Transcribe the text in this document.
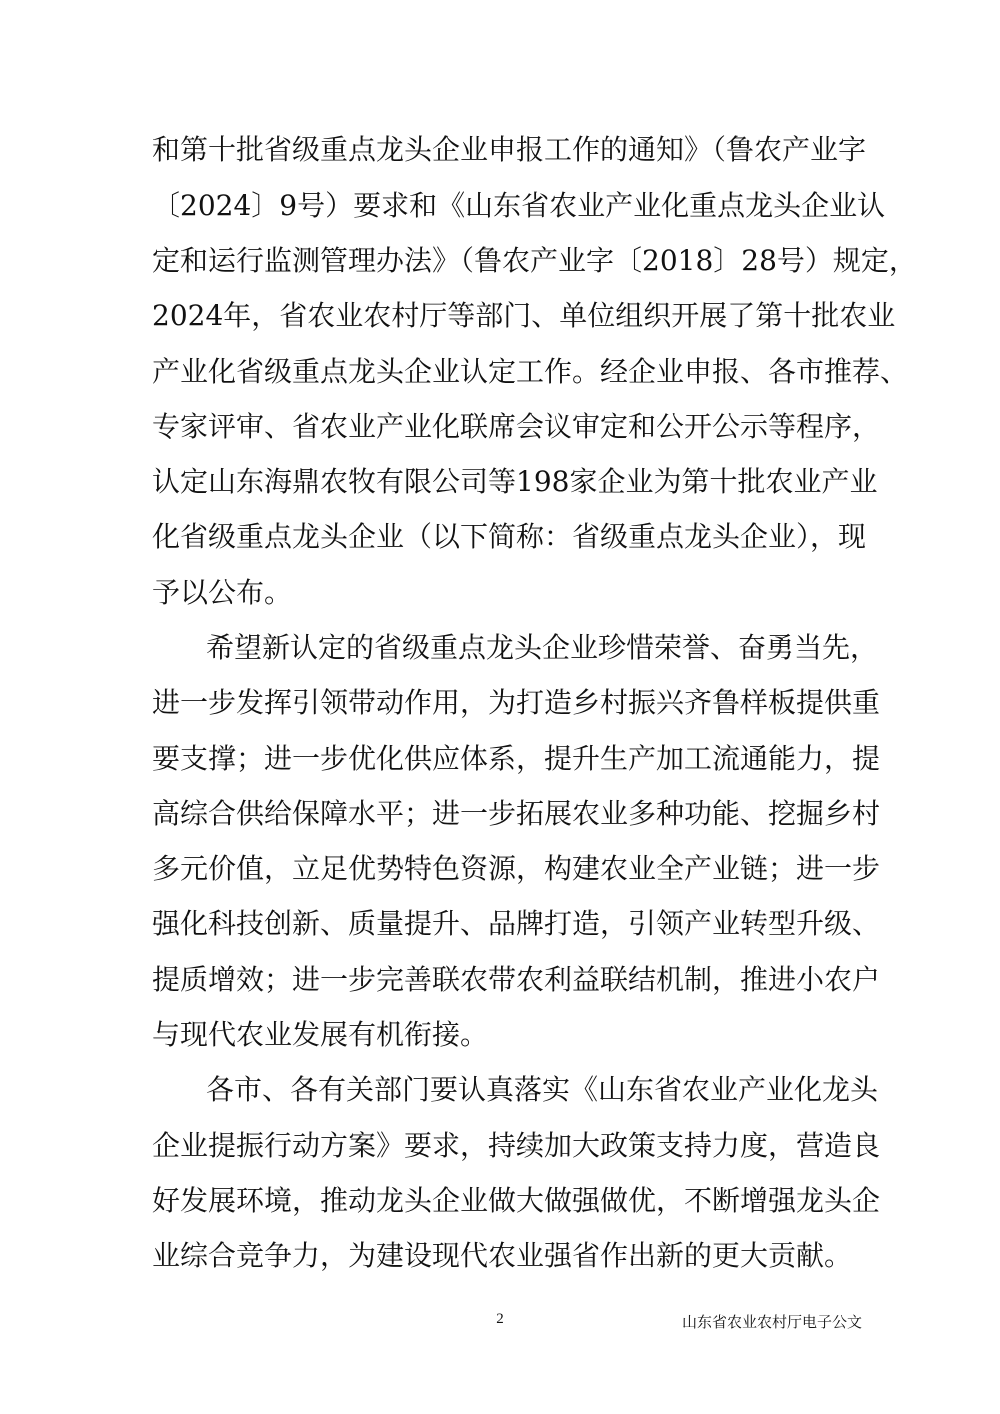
和第十批省级重点龙头企业申报工作的通知》（鲁农产业字
〔2024〕9号）要求和《山东省农业产业化重点龙头企业认
定和运行监测管理办法》（鲁农产业字〔2018〕28号）规定，
2024年，省农业农村厅等部门、单位组织开展了第十批农业
产业化省级重点龙头企业认定工作。经企业申报、各市推荐、
专家评审、省农业产业化联席会议审定和公开公示等程序，
认定山东海鼎农牧有限公司等198家企业为第十批农业产业
化省级重点龙头企业（以下简称：省级重点龙头企业），现
予以公布。
希望新认定的省级重点龙头企业珍惜荣誉、奋勇当先，
进一步发挥引领带动作用，为打造乡村振兴齐鲁样板提供重
要支撑；进一步优化供应体系，提升生产加工流通能力，提
高综合供给保障水平；进一步拓展农业多种功能、挖掘乡村
多元价值，立足优势特色资源，构建农业全产业链；进一步
强化科技创新、质量提升、品牌打造，引领产业转型升级、
提质增效；进一步完善联农带农利益联结机制，推进小农户
与现代农业发展有机衔接。
各市、各有关部门要认真落实《山东省农业产业化龙头
企业提振行动方案》要求，持续加大政策支持力度，营造良
好发展环境，推动龙头企业做大做强做优，不断增强龙头企
业综合竞争力，为建设现代农业强省作出新的更大贡献。
2	山东省农业农村厅电子公文
